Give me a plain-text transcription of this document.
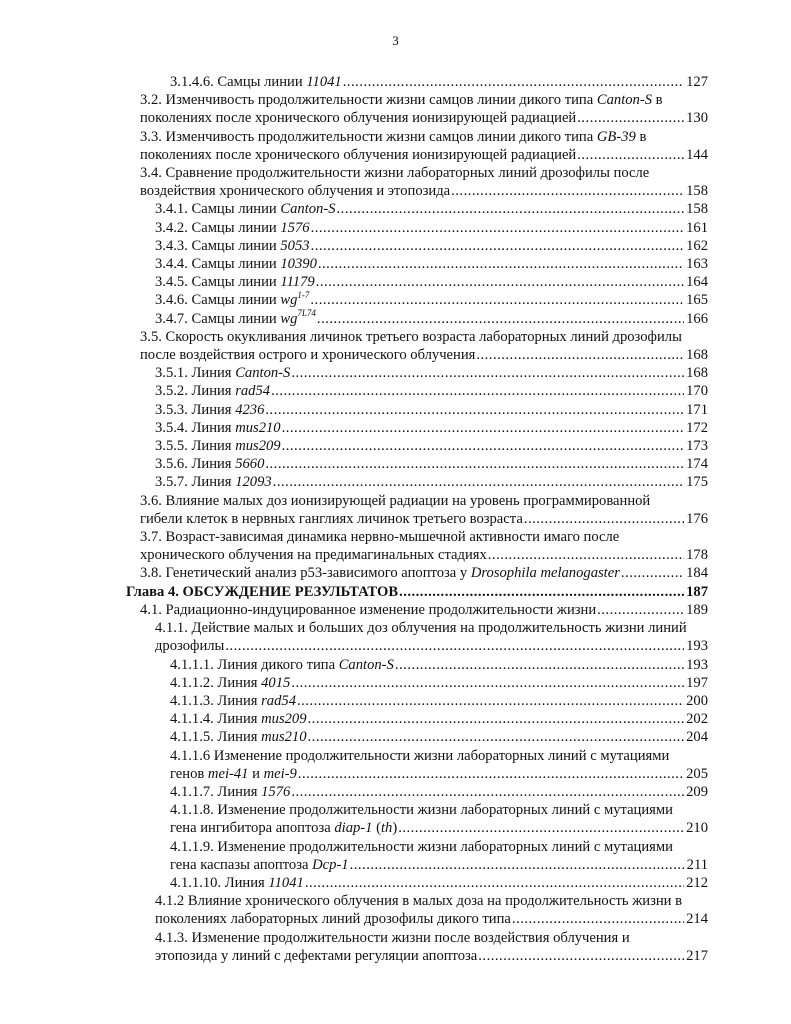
3
3.1.4.6. Самцы линии 11041 .....	127
3.2. Изменчивость продолжительности жизни самцов линии дикого типа Canton-S в
поколениях после хронического облучения ионизирующей радиацией .....	130
3.3. Изменчивость продолжительности жизни самцов линии дикого типа GB-39 в
поколениях после хронического облучения ионизирующей радиацией .....	144
3.4. Сравнение продолжительности жизни лабораторных линий дрозофилы после
воздействия хронического облучения и этопозида .....	158
3.4.1. Самцы линии Canton-S .....	158
3.4.2. Самцы линии 1576 .....	161
3.4.3. Самцы линии 5053 .....	162
3.4.4. Самцы линии 10390 .....	163
3.4.5. Самцы линии 11179 .....	164
3.4.6. Самцы линии $wg^{1-7}$ .....	165
3.4.7. Самцы линии $wg^{7L74}$ .....	166
3.5. Скорость окукливания личинок третьего возраста лабораторных линий дрозофилы
после воздействия острого и хронического облучения .....	168
3.5.1. Линия Canton-S .....	168
3.5.2. Линия rad54 .....	170
3.5.3. Линия 4236 .....	171
3.5.4. Линия mus210 .....	172
3.5.5. Линия mus209 .....	173
3.5.6. Линия 5660 .....	174
3.5.7. Линия 12093 .....	175
3.6. Влияние малых доз ионизирующей радиации на уровень программированной
гибели клеток в нервных ганглиях личинок третьего возраста .....	176
3.7. Возраст-зависимая динамика нервно-мышечной активности имаго после
хронического облучения на предимагинальных стадиях .....	178
3.8. Генетический анализ p53-зависимого апоптоза у Drosophila melanogaster .....	184
Глава 4. ОБСУЖДЕНИЕ РЕЗУЛЬТАТОВ .....	187
4.1. Радиационно-индуцированное изменение продолжительности жизни .....	189
4.1.1. Действие малых и больших доз облучения на продолжительность жизни линий
дрозофилы .....	193
4.1.1.1. Линия дикого типа Canton-S .....	193
4.1.1.2. Линия 4015 .....	197
4.1.1.3. Линия rad54 .....	200
4.1.1.4. Линия mus209 .....	202
4.1.1.5. Линия mus210 .....	204
4.1.1.6 Изменение продолжительности жизни лабораторных линий с мутациями
генов mei-41 и mei-9 .....	205
4.1.1.7. Линия 1576 .....	209
4.1.1.8. Изменение продолжительности жизни лабораторных линий с мутациями
гена ингибитора апоптоза diap-1 (th) .....	210
4.1.1.9. Изменение продолжительности жизни лабораторных линий с мутациями
гена каспазы апоптоза Dcp-1 .....	211
4.1.1.10. Линия 11041 .....	212
4.1.2 Влияние хронического облучения в малых доза на продолжительность жизни в
поколениях лабораторных линий дрозофилы дикого типа .....	214
4.1.3. Изменение продолжительности жизни после воздействия облучения и
этопозида у линий с дефектами регуляции апоптоза .....	217
